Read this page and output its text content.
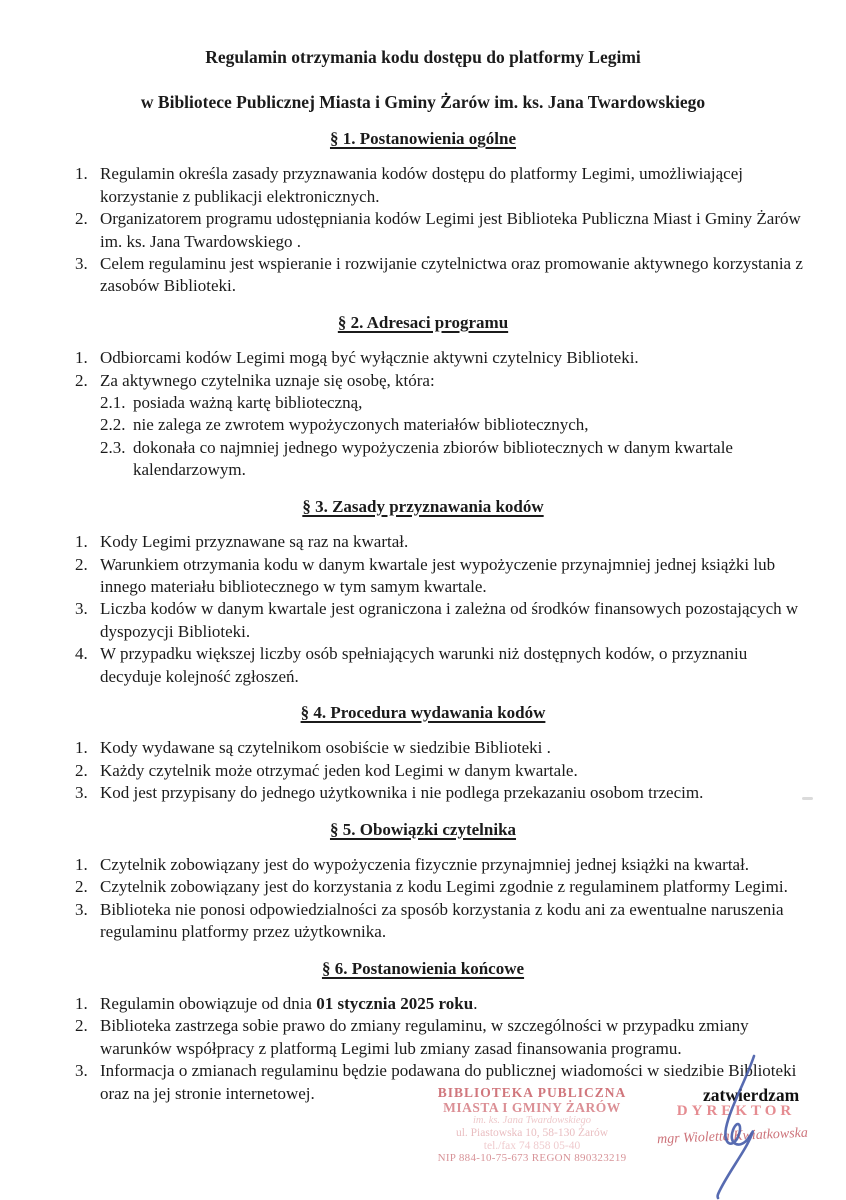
Regulamin otrzymania kodu dostępu do platformy Legimi
w Bibliotece Publicznej Miasta i Gminy Żarów im. ks. Jana Twardowskiego
§ 1. Postanowienia ogólne
1. Regulamin określa zasady przyznawania kodów dostępu do platformy Legimi, umożliwiającej korzystanie z publikacji elektronicznych.
2. Organizatorem programu udostępniania kodów Legimi jest Biblioteka Publiczna Miast i Gminy Żarów im. ks. Jana Twardowskiego .
3. Celem regulaminu jest wspieranie i rozwijanie czytelnictwa oraz promowanie aktywnego korzystania z zasobów Biblioteki.
§ 2. Adresaci programu
1. Odbiorcami kodów Legimi mogą być wyłącznie aktywni czytelnicy Biblioteki.
2. Za aktywnego czytelnika uznaje się osobę, która:
2.1. posiada ważną kartę biblioteczną,
2.2. nie zalega ze zwrotem wypożyczonych materiałów bibliotecznych,
2.3. dokonała co najmniej jednego wypożyczenia zbiorów bibliotecznych w danym kwartale kalendarzowym.
§ 3. Zasady przyznawania kodów
1. Kody Legimi przyznawane są raz na kwartał.
2. Warunkiem otrzymania kodu w danym kwartale jest wypożyczenie przynajmniej jednej książki lub innego materiału bibliotecznego w tym samym kwartale.
3. Liczba kodów w danym kwartale jest ograniczona i zależna od środków finansowych pozostających w dyspozycji Biblioteki.
4. W przypadku większej liczby osób spełniających warunki niż dostępnych kodów, o przyznaniu decyduje kolejność zgłoszeń.
§ 4. Procedura wydawania kodów
1. Kody wydawane są czytelnikom osobiście w siedzibie Biblioteki .
2. Każdy czytelnik może otrzymać jeden kod Legimi w danym kwartale.
3. Kod jest przypisany do jednego użytkownika i nie podlega przekazaniu osobom trzecim.
§ 5. Obowiązki czytelnika
1. Czytelnik zobowiązany jest do wypożyczenia fizycznie przynajmniej jednej książki na kwartał.
2. Czytelnik zobowiązany jest do korzystania z kodu Legimi zgodnie z regulaminem platformy Legimi.
3. Biblioteka nie ponosi odpowiedzialności za sposób korzystania z kodu ani za ewentualne naruszenia regulaminu platformy przez użytkownika.
§ 6. Postanowienia końcowe
1. Regulamin obowiązuje od dnia 01 stycznia 2025 roku.
2. Biblioteka zastrzega sobie prawo do zmiany regulaminu, w szczególności w przypadku zmiany warunków współpracy z platformą Legimi lub zmiany zasad finansowania programu.
3. Informacja o zmianach regulaminu będzie podawana do publicznej wiadomości w siedzibie Biblioteki oraz na jej stronie internetowej.	BIBLIOTEKA PUBLICZNA
MIASTA I GMINY ŻARÓW
im. ks. Jana Twardowskiego
ul. Piastowska 10, 58-130 Żarów
tel./fax 74 858 05-40
NIP 884-10-75-673 REGON 890323219
zatwierdzam
DYREKTOR
mgr Wioletta Kwiatkowska
